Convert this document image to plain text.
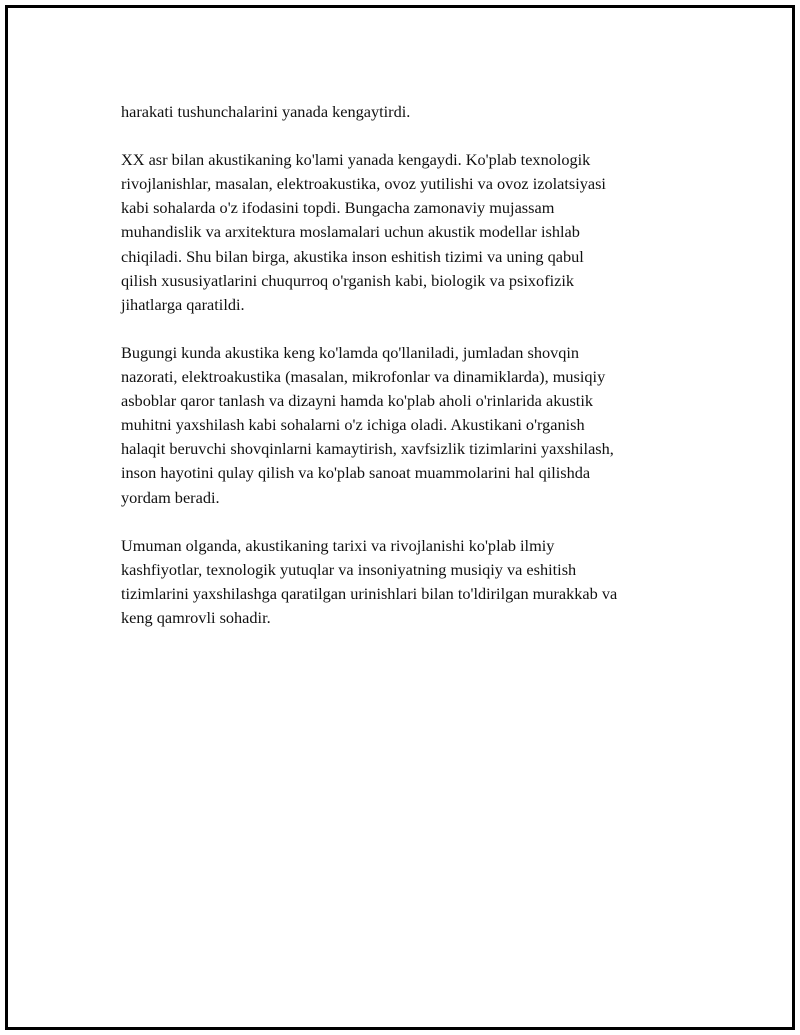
harakati tushunchalarini yanada kengaytirdi.

XX asr bilan akustikaning ko'lami yanada kengaydi. Ko'plab texnologik
rivojlanishlar, masalan, elektroakustika, ovoz yutilishi va ovoz izolatsiyasi
kabi sohalarda o'z ifodasini topdi. Bungacha zamonaviy mujassam
muhandislik va arxitektura moslamalari uchun akustik modellar ishlab
chiqiladi. Shu bilan birga, akustika inson eshitish tizimi va uning qabul
qilish xususiyatlarini chuqurroq o'rganish kabi, biologik va psixofizik
jihatlarga qaratildi.

Bugungi kunda akustika keng ko'lamda qo'llaniladi, jumladan shovqin
nazorati, elektroakustika (masalan, mikrofonlar va dinamiklarda), musiqiy
asboblar qaror tanlash va dizayni hamda ko'plab aholi o'rinlarida akustik
muhitni yaxshilash kabi sohalarni o'z ichiga oladi. Akustikani o'rganish
halaqit beruvchi shovqinlarni kamaytirish, xavfsizlik tizimlarini yaxshilash,
inson hayotini qulay qilish va ko'plab sanoat muammolarini hal qilishda
yordam beradi.

Umuman olganda, akustikaning tarixi va rivojlanishi ko'plab ilmiy
kashfiyotlar, texnologik yutuqlar va insoniyatning musiqiy va eshitish
tizimlarini yaxshilashga qaratilgan urinishlari bilan to'ldirilgan murakkab va
keng qamrovli sohadir.
